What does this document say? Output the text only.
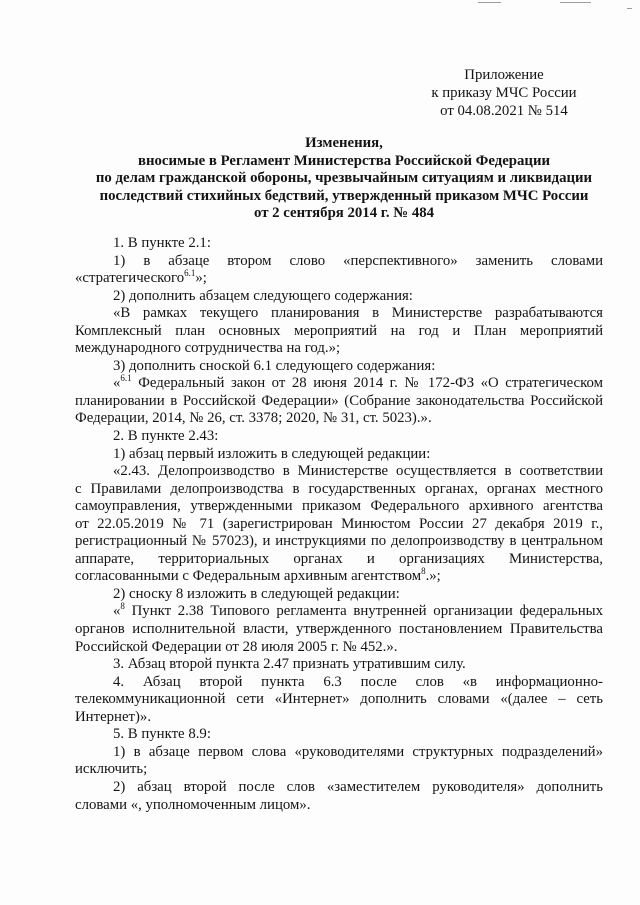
Приложение
к приказу МЧС России
от 04.08.2021 № 514
Изменения,
вносимые в Регламент Министерства Российской Федерации
по делам гражданской обороны, чрезвычайным ситуациям и ликвидации
последствий стихийных бедствий, утвержденный приказом МЧС России
от 2 сентября 2014 г. № 484
1. В пункте 2.1:
1) в абзаце втором слово «перспективного» заменить словами
«стратегического$^{6.1}$»;
2) дополнить абзацем следующего содержания:
«В рамках текущего планирования в Министерстве разрабатываются
Комплексный план основных мероприятий на год и План мероприятий
международного сотрудничества на год.»;
3) дополнить сноской 6.1 следующего содержания:
«$^{6.1}$ Федеральный закон от 28 июня 2014 г. № 172-ФЗ «О стратегическом
планировании в Российской Федерации» (Собрание законодательства Российской
Федерации, 2014, № 26, ст. 3378; 2020, № 31, ст. 5023).».
2. В пункте 2.43:
1) абзац первый изложить в следующей редакции:
«2.43. Делопроизводство в Министерстве осуществляется в соответствии
с Правилами делопроизводства в государственных органах, органах местного
самоуправления, утвержденными приказом Федерального архивного агентства
от 22.05.2019 № 71 (зарегистрирован Минюстом России 27 декабря 2019 г.,
регистрационный № 57023), и инструкциями по делопроизводству в центральном
аппарате, территориальных органах и организациях Министерства,
согласованными с Федеральным архивным агентством$^8$.»;
2) сноску 8 изложить в следующей редакции:
«$^8$ Пункт 2.38 Типового регламента внутренней организации федеральных
органов исполнительной власти, утвержденного постановлением Правительства
Российской Федерации от 28 июля 2005 г. № 452.».
3. Абзац второй пункта 2.47 признать утратившим силу.
4. Абзац второй пункта 6.3 после слов «в информационно-
телекоммуникационной сети «Интернет» дополнить словами «(далее – сеть
Интернет)».
5. В пункте 8.9:
1) в абзаце первом слова «руководителями структурных подразделений»
исключить;
2) абзац второй после слов «заместителем руководителя» дополнить
словами «, уполномоченным лицом».
